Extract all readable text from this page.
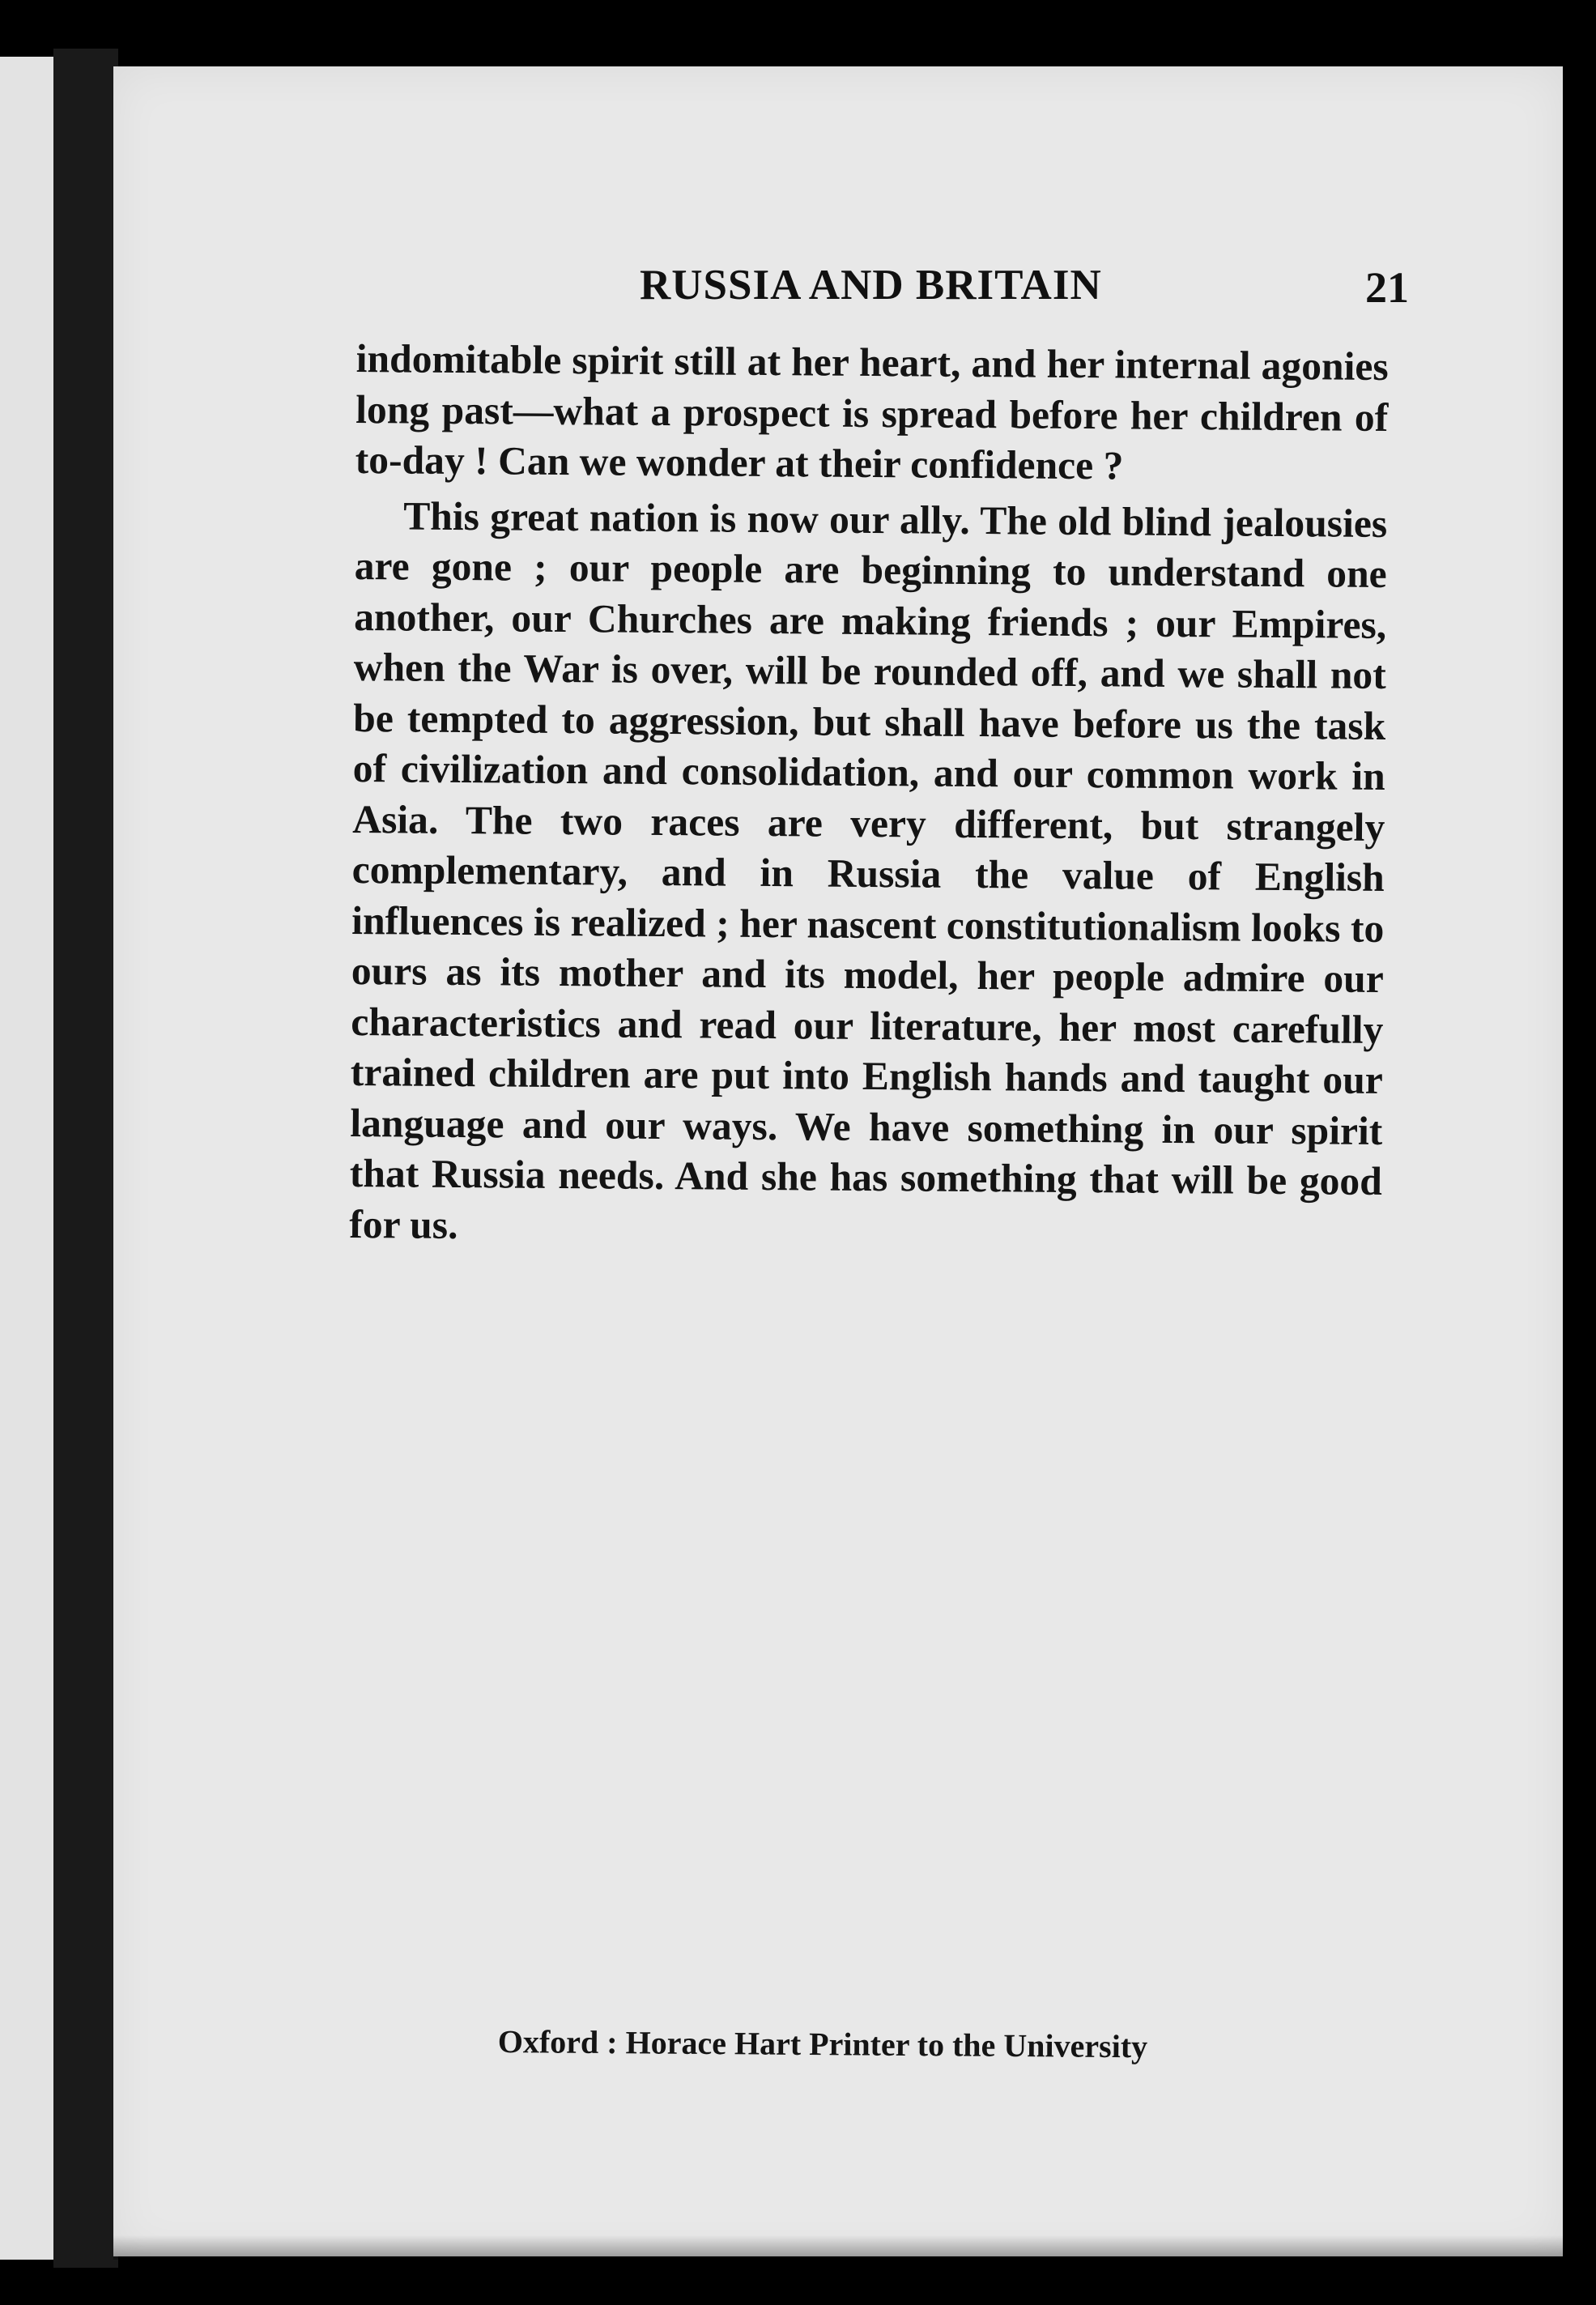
RUSSIA AND BRITAIN	21

indomitable spirit still at her heart, and her internal agonies long past—what a prospect is spread before her children of to-day ! Can we wonder at their confidence ?

This great nation is now our ally. The old blind jealousies are gone ; our people are beginning to understand one another, our Churches are making friends ; our Empires, when the War is over, will be rounded off, and we shall not be tempted to aggression, but shall have before us the task of civilization and consolidation, and our common work in Asia. The two races are very different, but strangely complementary, and in Russia the value of English influences is realized ; her nascent constitutionalism looks to ours as its mother and its model, her people admire our characteristics and read our literature, her most carefully trained children are put into English hands and taught our language and our ways. We have something in our spirit that Russia needs. And she has something that will be good for us.

Oxford : Horace Hart Printer to the University
